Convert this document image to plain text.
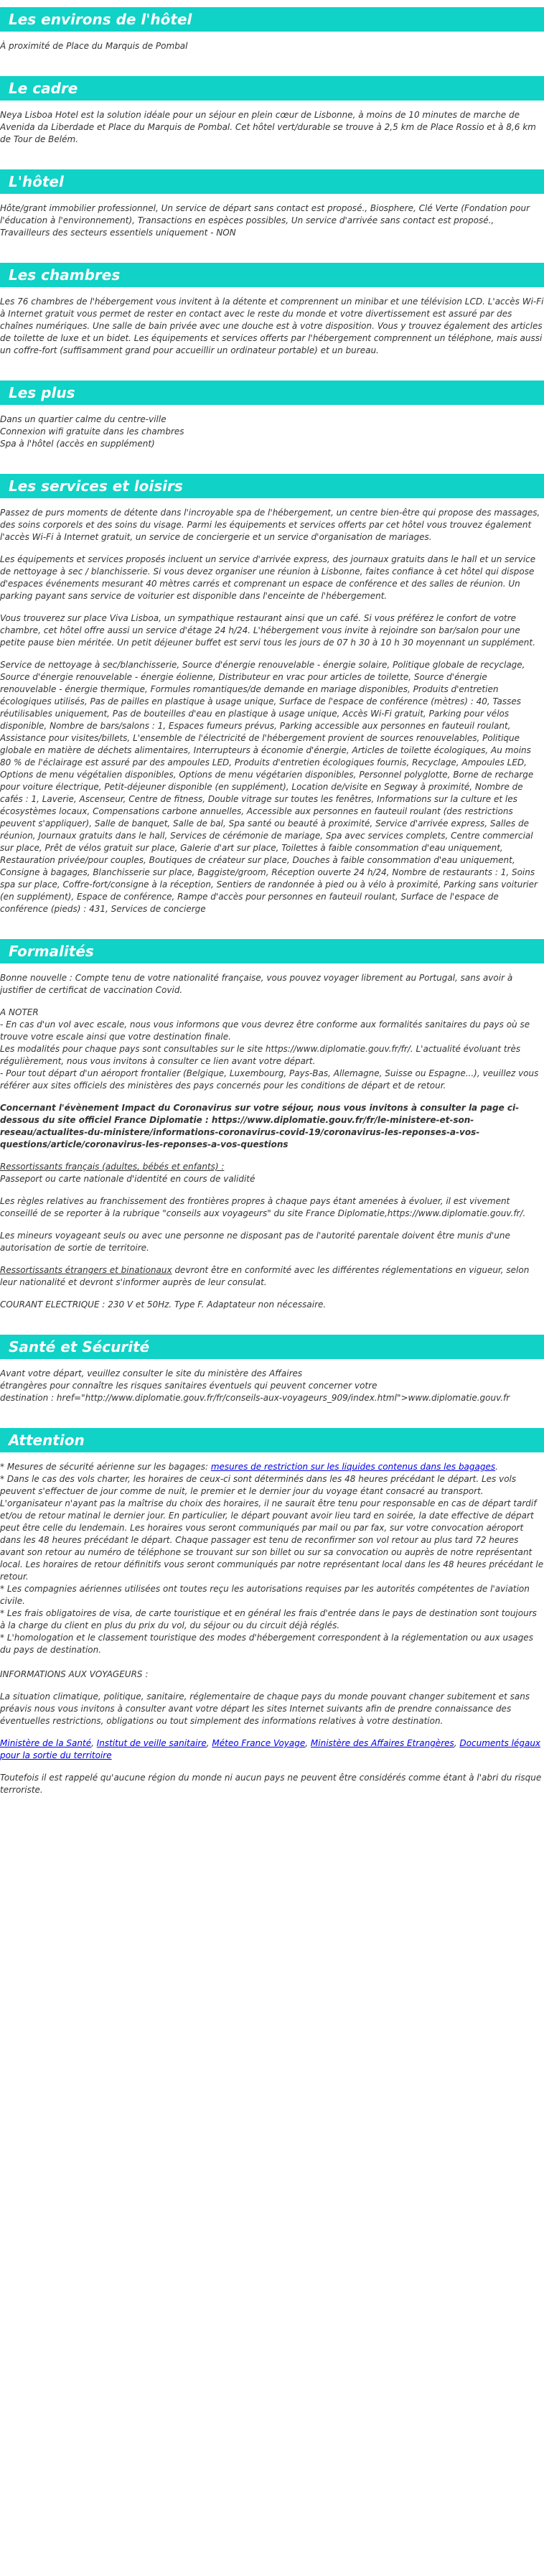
Les environs de l'hôtel

À proximité de Place du Marquis de Pombal

Le cadre

Neya Lisboa Hotel est la solution idéale pour un séjour en plein cœur de Lisbonne, à moins de 10 minutes de marche de Avenida da Liberdade et Place du Marquis de Pombal. Cet hôtel vert/durable se trouve à 2,5 km de Place Rossio et à 8,6 km de Tour de Belém.

L'hôtel

Hôte/grant immobilier professionnel, Un service de départ sans contact est proposé., Biosphere, Clé Verte (Fondation pour l'éducation à l'environnement), Transactions en espèces possibles, Un service d'arrivée sans contact est proposé., Travailleurs des secteurs essentiels uniquement - NON

Les chambres

Les 76 chambres de l'hébergement vous invitent à la détente et comprennent un minibar et une télévision LCD. L'accès Wi-Fi à Internet gratuit vous permet de rester en contact avec le reste du monde et votre divertissement est assuré par des chaînes numériques. Une salle de bain privée avec une douche est à votre disposition. Vous y trouvez également des articles de toilette de luxe et un bidet. Les équipements et services offerts par l'hébergement comprennent un téléphone, mais aussi un coffre-fort (suffisamment grand pour accueillir un ordinateur portable) et un bureau.

Les plus
Dans un quartier calme du centre-ville
Connexion wifi gratuite dans les chambres
Spa à l'hôtel (accès en supplément)
Les services et loisirs

Passez de purs moments de détente dans l'incroyable spa de l'hébergement, un centre bien-être qui propose des massages, des soins corporels et des soins du visage. Parmi les équipements et services offerts par cet hôtel vous trouvez également l'accès Wi-Fi à Internet gratuit, un service de conciergerie et un service d'organisation de mariages.

Les équipements et services proposés incluent un service d'arrivée express, des journaux gratuits dans le hall et un service de nettoyage à sec / blanchisserie. Si vous devez organiser une réunion à Lisbonne, faites confiance à cet hôtel qui dispose d'espaces événements mesurant 40 mètres carrés et comprenant un espace de conférence et des salles de réunion. Un parking payant sans service de voiturier est disponible dans l'enceinte de l'hébergement.

Vous trouverez sur place Viva Lisboa, un sympathique restaurant ainsi que un café. Si vous préférez le confort de votre chambre, cet hôtel offre aussi un service d'étage 24 h/24. L'hébergement vous invite à rejoindre son bar/salon pour une petite pause bien méritée. Un petit déjeuner buffet est servi tous les jours de 07 h 30 à 10 h 30 moyennant un supplément.

Service de nettoyage à sec/blanchisserie, Source d'énergie renouvelable - énergie solaire, Politique globale de recyclage, Source d'énergie renouvelable - énergie éolienne, Distributeur en vrac pour articles de toilette, Source d'énergie renouvelable - énergie thermique, Formules romantiques/de demande en mariage disponibles, Produits d'entretien écologiques utilisés, Pas de pailles en plastique à usage unique, Surface de l'espace de conférence (mètres) : 40, Tasses réutilisables uniquement, Pas de bouteilles d'eau en plastique à usage unique, Accès Wi-Fi gratuit, Parking pour vélos disponible, Nombre de bars/salons : 1, Espaces fumeurs prévus, Parking accessible aux personnes en fauteuil roulant, Assistance pour visites/billets, L'ensemble de l'électricité de l'hébergement provient de sources renouvelables, Politique globale en matière de déchets alimentaires, Interrupteurs à économie d'énergie, Articles de toilette écologiques, Au moins 80 % de l'éclairage est assuré par des ampoules LED, Produits d'entretien écologiques fournis, Recyclage, Ampoules LED, Options de menu végétalien disponibles, Options de menu végétarien disponibles, Personnel polyglotte, Borne de recharge pour voiture électrique, Petit-déjeuner disponible (en supplément), Location de/visite en Segway à proximité, Nombre de cafés : 1, Laverie, Ascenseur, Centre de fitness, Double vitrage sur toutes les fenêtres, Informations sur la culture et les écosystèmes locaux, Compensations carbone annuelles, Accessible aux personnes en fauteuil roulant (des restrictions peuvent s'appliquer), Salle de banquet, Salle de bal, Spa santé ou beauté à proximité, Service d'arrivée express, Salles de réunion, Journaux gratuits dans le hall, Services de cérémonie de mariage, Spa avec services complets, Centre commercial sur place, Prêt de vélos gratuit sur place, Galerie d'art sur place, Toilettes à faible consommation d'eau uniquement, Restauration privée/pour couples, Boutiques de créateur sur place, Douches à faible consommation d'eau uniquement, Consigne à bagages, Blanchisserie sur place, Baggiste/groom, Réception ouverte 24 h/24, Nombre de restaurants : 1, Soins spa sur place, Coffre-fort/consigne à la réception, Sentiers de randonnée à pied ou à vélo à proximité, Parking sans voiturier (en supplément), Espace de conférence, Rampe d'accès pour personnes en fauteuil roulant, Surface de l'espace de conférence (pieds) : 431, Services de concierge

Formalités

Bonne nouvelle : Compte tenu de votre nationalité française, vous pouvez voyager librement au Portugal, sans avoir à justifier de certificat de vaccination Covid.

A NOTER
- En cas d'un vol avec escale, nous vous informons que vous devrez être conforme aux formalités sanitaires du pays où se trouve votre escale ainsi que votre destination finale.
Les modalités pour chaque pays sont consultables sur le site https://www.diplomatie.gouv.fr/fr/. L'actualité évoluant très régulièrement, nous vous invitons à consulter ce lien avant votre départ.
- Pour tout départ d'un aéroport frontalier (Belgique, Luxembourg, Pays-Bas, Allemagne, Suisse ou Espagne...), veuillez vous référer aux sites officiels des ministères des pays concernés pour les conditions de départ et de retour.

Concernant l'évènement Impact du Coronavirus sur votre séjour, nous vous invitons à consulter la page ci-dessous du site officiel France Diplomatie : https://www.diplomatie.gouv.fr/fr/le-ministere-et-son-reseau/actualites-du-ministere/informations-coronavirus-covid-19/coronavirus-les-reponses-a-vos-questions/article/coronavirus-les-reponses-a-vos-questions

Ressortissants français (adultes, bébés et enfants) :
Passeport ou carte nationale d'identité en cours de validité

Les règles relatives au franchissement des frontières propres à chaque pays étant amenées à évoluer, il est vivement conseillé de se reporter à la rubrique "conseils aux voyageurs" du site France Diplomatie,https://www.diplomatie.gouv.fr/.

Les mineurs voyageant seuls ou avec une personne ne disposant pas de l'autorité parentale doivent être munis d'une autorisation de sortie de territoire.

Ressortissants étrangers et binationaux devront être en conformité avec les différentes réglementations en vigueur, selon leur nationalité et devront s'informer auprès de leur consulat.

COURANT ELECTRIQUE : 230 V et 50Hz. Type F. Adaptateur non nécessaire.

Santé et Sécurité
Avant votre départ, veuillez consulter le site du ministère des Affaires
étrangères pour connaître les risques sanitaires éventuels qui peuvent concerner votre
destination : href="http://www.diplomatie.gouv.fr/fr/conseils-aux-voyageurs_909/index.html">www.diplomatie.gouv.fr
Attention
* Mesures de sécurité aérienne sur les bagages: mesures de restriction sur les liquides contenus dans les bagages.
* Dans le cas des vols charter, les horaires de ceux-ci sont déterminés dans les 48 heures précédant le départ. Les vols peuvent s'effectuer de jour comme de nuit, le premier et le dernier jour du voyage étant consacré au transport. L'organisateur n'ayant pas la maîtrise du choix des horaires, il ne saurait être tenu pour responsable en cas de départ tardif et/ou de retour matinal le dernier jour. En particulier, le départ pouvant avoir lieu tard en soirée, la date effective de départ peut être celle du lendemain. Les horaires vous seront communiqués par mail ou par fax, sur votre convocation aéroport dans les 48 heures précédant le départ. Chaque passager est tenu de reconfirmer son vol retour au plus tard 72 heures avant son retour au numéro de téléphone se trouvant sur son billet ou sur sa convocation ou auprès de notre représentant local. Les horaires de retour définitifs vous seront communiqués par notre représentant local dans les 48 heures précédant le retour.
* Les compagnies aériennes utilisées ont toutes reçu les autorisations requises par les autorités compétentes de l'aviation civile.
* Les frais obligatoires de visa, de carte touristique et en général les frais d'entrée dans le pays de destination sont toujours à la charge du client en plus du prix du vol, du séjour ou du circuit déjà réglés.
* L'homologation et le classement touristique des modes d'hébergement correspondent à la réglementation ou aux usages du pays de destination.

INFORMATIONS AUX VOYAGEURS :

La situation climatique, politique, sanitaire, réglementaire de chaque pays du monde pouvant changer subitement et sans préavis nous vous invitons à consulter avant votre départ les sites Internet suivants afin de prendre connaissance des éventuelles restrictions, obligations ou tout simplement des informations relatives à votre destination.

Ministère de la Santé, Institut de veille sanitaire, Méteo France Voyage, Ministère des Affaires Etrangères, Documents légaux pour la sortie du territoire

Toutefois il est rappelé qu'aucune région du monde ni aucun pays ne peuvent être considérés comme étant à l'abri du risque terroriste.
